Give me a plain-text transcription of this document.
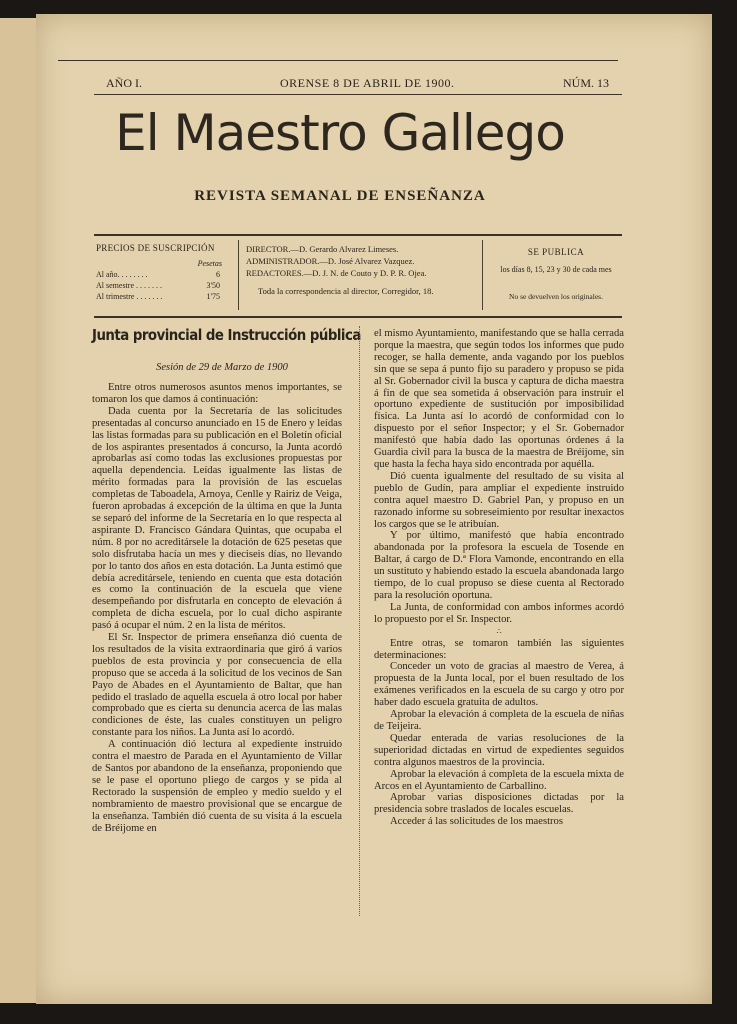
AÑO I.	ORENSE 8 DE ABRIL DE 1900.	NÚM. 13
El Maestro Gallego
REVISTA SEMANAL DE ENSEÑANZA
PRECIOS DE SUSCRIPCIÓN
Pesetas
Al año. . . . . . . .	6
Al semestre . . . . . . .	3'50
Al trimestre . . . . . . .	1'75
DIRECTOR.—D. Gerardo Alvarez Limeses.
ADMINISTRADOR.—D. José Alvarez Vazquez.
REDACTORES.—D. J. N. de Couto y D. P. R. Ojea.
Toda la correspondencia al director, Corregidor, 18.
SE PUBLICA
los días 8, 15, 23 y 30 de cada mes
No se devuelven los originales.
Junta provincial de Instrucción pública
Sesión de 29 de Marzo de 1900

Entre otros numerosos asuntos menos importantes, se tomaron los que damos á continuación:

Dada cuenta por la Secretaría de las solicitudes presentadas al concurso anunciado en 15 de Enero y leídas las listas formadas para su publicación en el Boletín oficial de los aspirantes presentados á concurso, la Junta acordó aprobarlas así como todas las exclusiones propuestas por aquella dependencia. Leídas igualmente las listas de mérito formadas para la provisión de las escuelas completas de Taboadela, Arnoya, Cenlle y Rairiz de Veiga, fueron aprobadas á excepción de la última en que la Junta se separó del informe de la Secretaría en lo que respecta al aspirante D. Francisco Gándara Quintas, que ocupaba el núm. 8 por no acreditársele la dotación de 625 pesetas que solo disfrutaba hacía un mes y dieciseis días, no llevando por lo tanto dos años en esta dotación. La Junta estimó que debía acreditársele, teniendo en cuenta que esta dotación es como la continuación de la escuela que viene desempeñando por disfrutarla en concepto de elevación á completa de dicha escuela, por lo cual dicho aspirante pasó á ocupar el núm. 2 en la lista de méritos.

El Sr. Inspector de primera enseñanza dió cuenta de los resultados de la visita extraordinaria que giró á varios pueblos de esta provincia y por consecuencia de ella propuso que se acceda á la solicitud de los vecinos de San Payo de Abades en el Ayuntamiento de Baltar, que han pedido el traslado de aquella escuela á otro local por haber comprobado que es cierta su denuncia acerca de las malas condiciones de éste, las cuales constituyen un peligro constante para los niños. La Junta así lo acordó.

A continuación dió lectura al expediente instruido contra el maestro de Parada en el Ayuntamiento de Villar de Santos por abandono de la enseñanza, proponiendo que se le pase el oportuno pliego de cargos y se pida al Rectorado la suspensión de empleo y medio sueldo y el nombramiento de maestro provisional que se encargue de la enseñanza. También dió cuenta de su visita á la escuela de Bréijome en

el mismo Ayuntamiento, manifestando que se halla cerrada porque la maestra, que según todos los informes que pudo recoger, se halla demente, anda vagando por los pueblos sin que se sepa á punto fijo su paradero y propuso se pida al Sr. Gobernador civil la busca y captura de dicha maestra á fin de que sea sometida á observación para instruir el oportuno expediente de sustitución por imposibilidad física. La Junta así lo acordó de conformidad con lo dispuesto por el señor Inspector; y el Sr. Gobernador manifestó que había dado las oportunas órdenes á la Guardia civil para la busca de la maestra de Bréijome, sin que hasta la fecha haya sido encontrada por aquélla.

Dió cuenta igualmente del resultado de su visita al pueblo de Gudín, para ampliar el expediente instruido contra aquel maestro D. Gabriel Pan, y propuso en un razonado informe su sobreseimiento por resultar inexactos los cargos que se le atribuían.

Y por último, manifestó que había encontrado abandonada por la profesora la escuela de Tosende en Baltar, á cargo de D.ª Flora Vamonde, encontrando en ella un sustituto y habiendo estado la escuela abandonada largo tiempo, de lo cual propuso se diese cuenta al Rectorado para la resolución oportuna.

La Junta, de conformidad con ambos informes acordó lo propuesto por el Sr. Inspector.

∴

Entre otras, se tomaron también las siguientes determinaciones:

Conceder un voto de gracias al maestro de Verea, á propuesta de la Junta local, por el buen resultado de los exámenes verificados en la escuela de su cargo y otro por haber dado escuela gratuita de adultos.

Aprobar la elevación á completa de la escuela de niñas de Teijeira.

Quedar enterada de varias resoluciones de la superioridad dictadas en virtud de expedientes seguidos contra algunos maestros de la provincia.

Aprobar la elevación á completa de la escuela mixta de Arcos en el Ayuntamiento de Carballino.

Aprobar varias disposiciones dictadas por la presidencia sobre traslados de locales escuelas.

Acceder á las solicitudes de los maestros
